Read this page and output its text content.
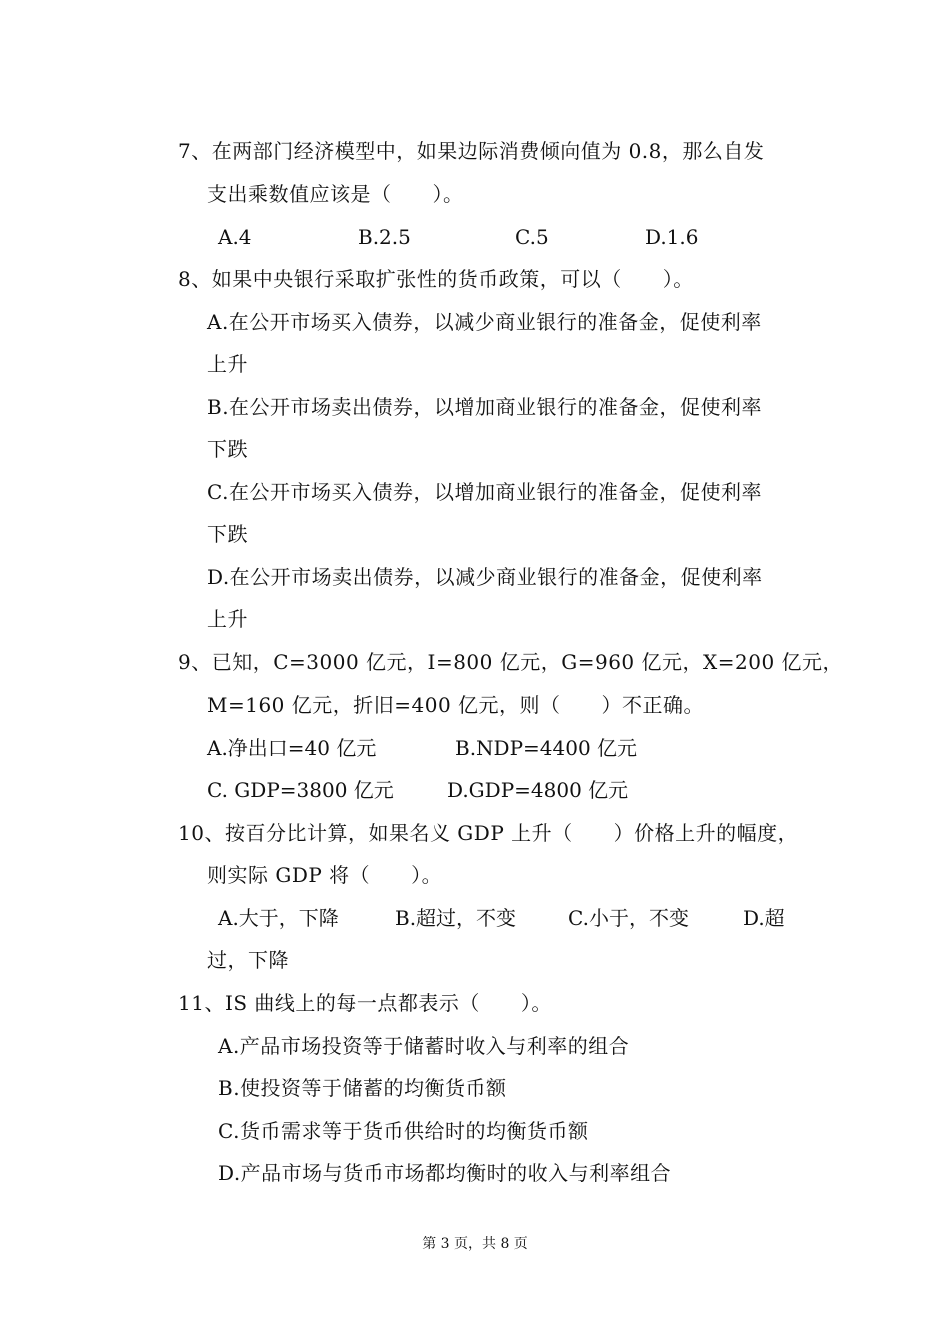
7、在两部门经济模型中，如果边际消费倾向值为 0.8，那么自发
支出乘数值应该是（　　）。
A.4	B.2.5	C.5	D.1.6
8、如果中央银行采取扩张性的货币政策，可以（　　）。
A.在公开市场买入债券，以减少商业银行的准备金，促使利率
上升
B.在公开市场卖出债券，以增加商业银行的准备金，促使利率
下跌
C.在公开市场买入债券，以增加商业银行的准备金，促使利率
下跌
D.在公开市场卖出债券，以减少商业银行的准备金，促使利率
上升
9、已知，C=3000 亿元，I=800 亿元，G=960 亿元，X=200 亿元，
M=160 亿元，折旧=400 亿元，则（　　）不正确。
A.净出口=40 亿元	B.NDP=4400 亿元
C. GDP=3800 亿元	D.GDP=4800 亿元
10、按百分比计算，如果名义 GDP 上升（　　）价格上升的幅度，
则实际 GDP 将（　　）。
A.大于，下降	B.超过，不变	C.小于，不变	D.超
过，下降
11、IS 曲线上的每一点都表示（　　）。
A.产品市场投资等于储蓄时收入与利率的组合
B.使投资等于储蓄的均衡货币额
C.货币需求等于货币供给时的均衡货币额
D.产品市场与货币市场都均衡时的收入与利率组合
第 3 页，共 8 页
